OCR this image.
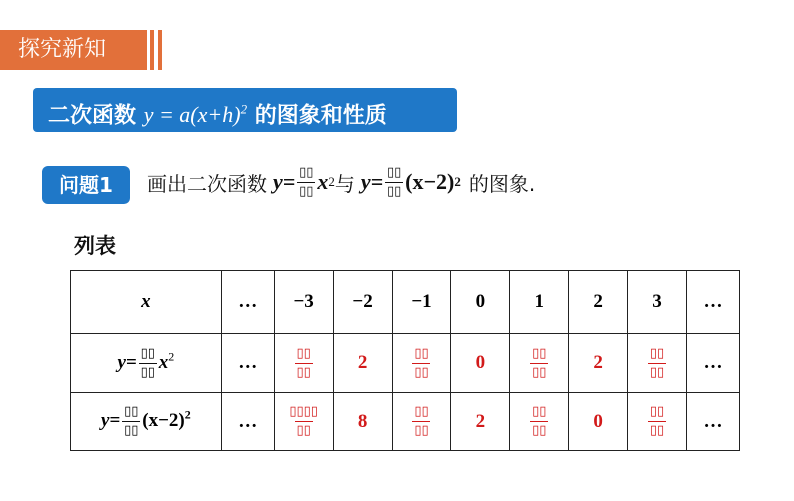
探究新知
二次函数 $y = a(x+h)^2$ 的图象和性质
问题1	画出二次函数 $y= \frac{▯▯}{▯▯}$ x 2 与 $y= \frac{▯▯}{▯▯} (x-2)$ 2 的图象.
列表
x	…	−3	−2	−1	0	1	2	3	…
$y= \frac{▯▯}{▯▯} x^2$	…	$\frac{▯▯}{▯▯}$	2	$\frac{▯▯}{▯▯}$	0	$\frac{▯▯}{▯▯}$	2	$\frac{▯▯}{▯▯}$	…
$y= \frac{▯▯}{▯▯} (x-2)^2$	…	$\frac{▯▯▯▯}{▯▯}$	8	$\frac{▯▯}{▯▯}$	2	$\frac{▯▯}{▯▯}$	0	$\frac{▯▯}{▯▯}$	…
